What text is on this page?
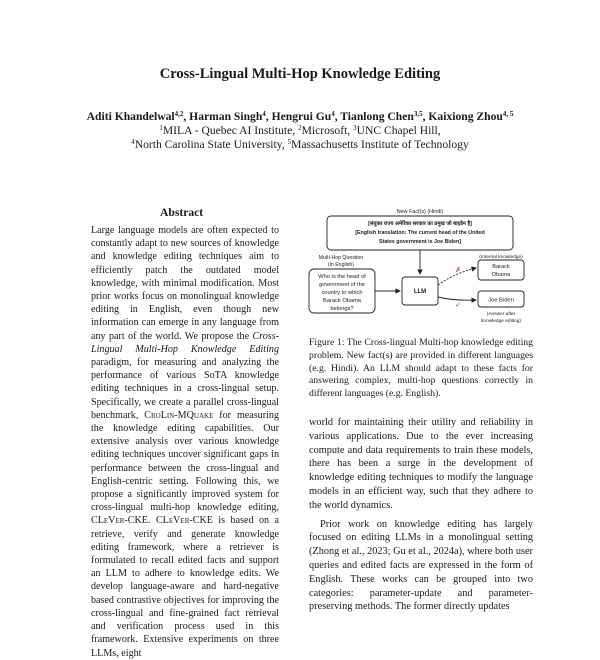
Cross-Lingual Multi-Hop Knowledge Editing
Aditi Khandelwal$^{4,2}$, Harman Singh$^4$, Hengrui Gu$^4$, Tianlong Chen$^{3,5}$, Kaixiong Zhou$^{4, 5}$
$^1$MILA - Quebec AI Institute, $^2$Microsoft, $^3$UNC Chapel Hill,
$^4$North Carolina State University, $^5$Massachusetts Institute of Technology
Abstract
Large language models are often expected to constantly adapt to new sources of knowledge and knowledge editing techniques aim to efficiently patch the outdated model knowledge, with minimal modification. Most prior works focus on monolingual knowledge editing in English, even though new information can emerge in any language from any part of the world. We propose the Cross-Lingual Multi-Hop Knowledge Editing paradigm, for measuring and analyzing the performance of various SoTA knowledge editing techniques in a cross-lingual setup. Specifically, we create a parallel cross-lingual benchmark, CroLin-MQuake for measuring the knowledge editing capabilities. Our extensive analysis over various knowledge editing techniques uncover significant gaps in performance between the cross-lingual and English-centric setting. Following this, we propose a significantly improved system for cross-lingual multi-hop knowledge editing, CLeVer-CKE. CLeVer-CKE is based on a retrieve, verify and generate knowledge editing framework, where a retriever is formulated to recall edited facts and support an LLM to adhere to knowledge edits. We develop language-aware and hard-negative based contrastive objectives for improving the cross-lingual and fine-grained fact retrieval and verification process used in this framework. Extensive experiments on three LLMs, eight
New Fact(s) (Hindi)
[संयुक्त राज्य अमेरिका सरकार का प्रमुख जो बाइडेन है]
[English translation: The current head of the United
States government is Joe Biden]
Multi-Hop Question
(in English)
Who is the head of
government of the
country to which
Barack Obama
belongs?
LLM
✗
✓
(Internal knowledge)
Barack
Obama
Joe Biden
(Answer after
knowledge editing)
Figure 1: The Cross-lingual Multi-hop knowledge editing problem. New fact(s) are provided in different languages (e.g. Hindi). An LLM should adapt to these facts for answering complex, multi-hop questions correctly in different languages (e.g. English).

world for maintaining their utility and reliability in various applications. Due to the ever increasing compute and data requirements to train these models, there has been a surge in the development of knowledge editing techniques to modify the language models in an efficient way, such that they adhere to the world dynamics.

Prior work on knowledge editing has largely focused on editing LLMs in a monolingual setting (Zhong et al., 2023; Gu et al., 2024a), where both user queries and edited facts are expressed in the form of English. These works can be grouped into two categories: parameter-update and parameter-preserving methods. The former directly updates
